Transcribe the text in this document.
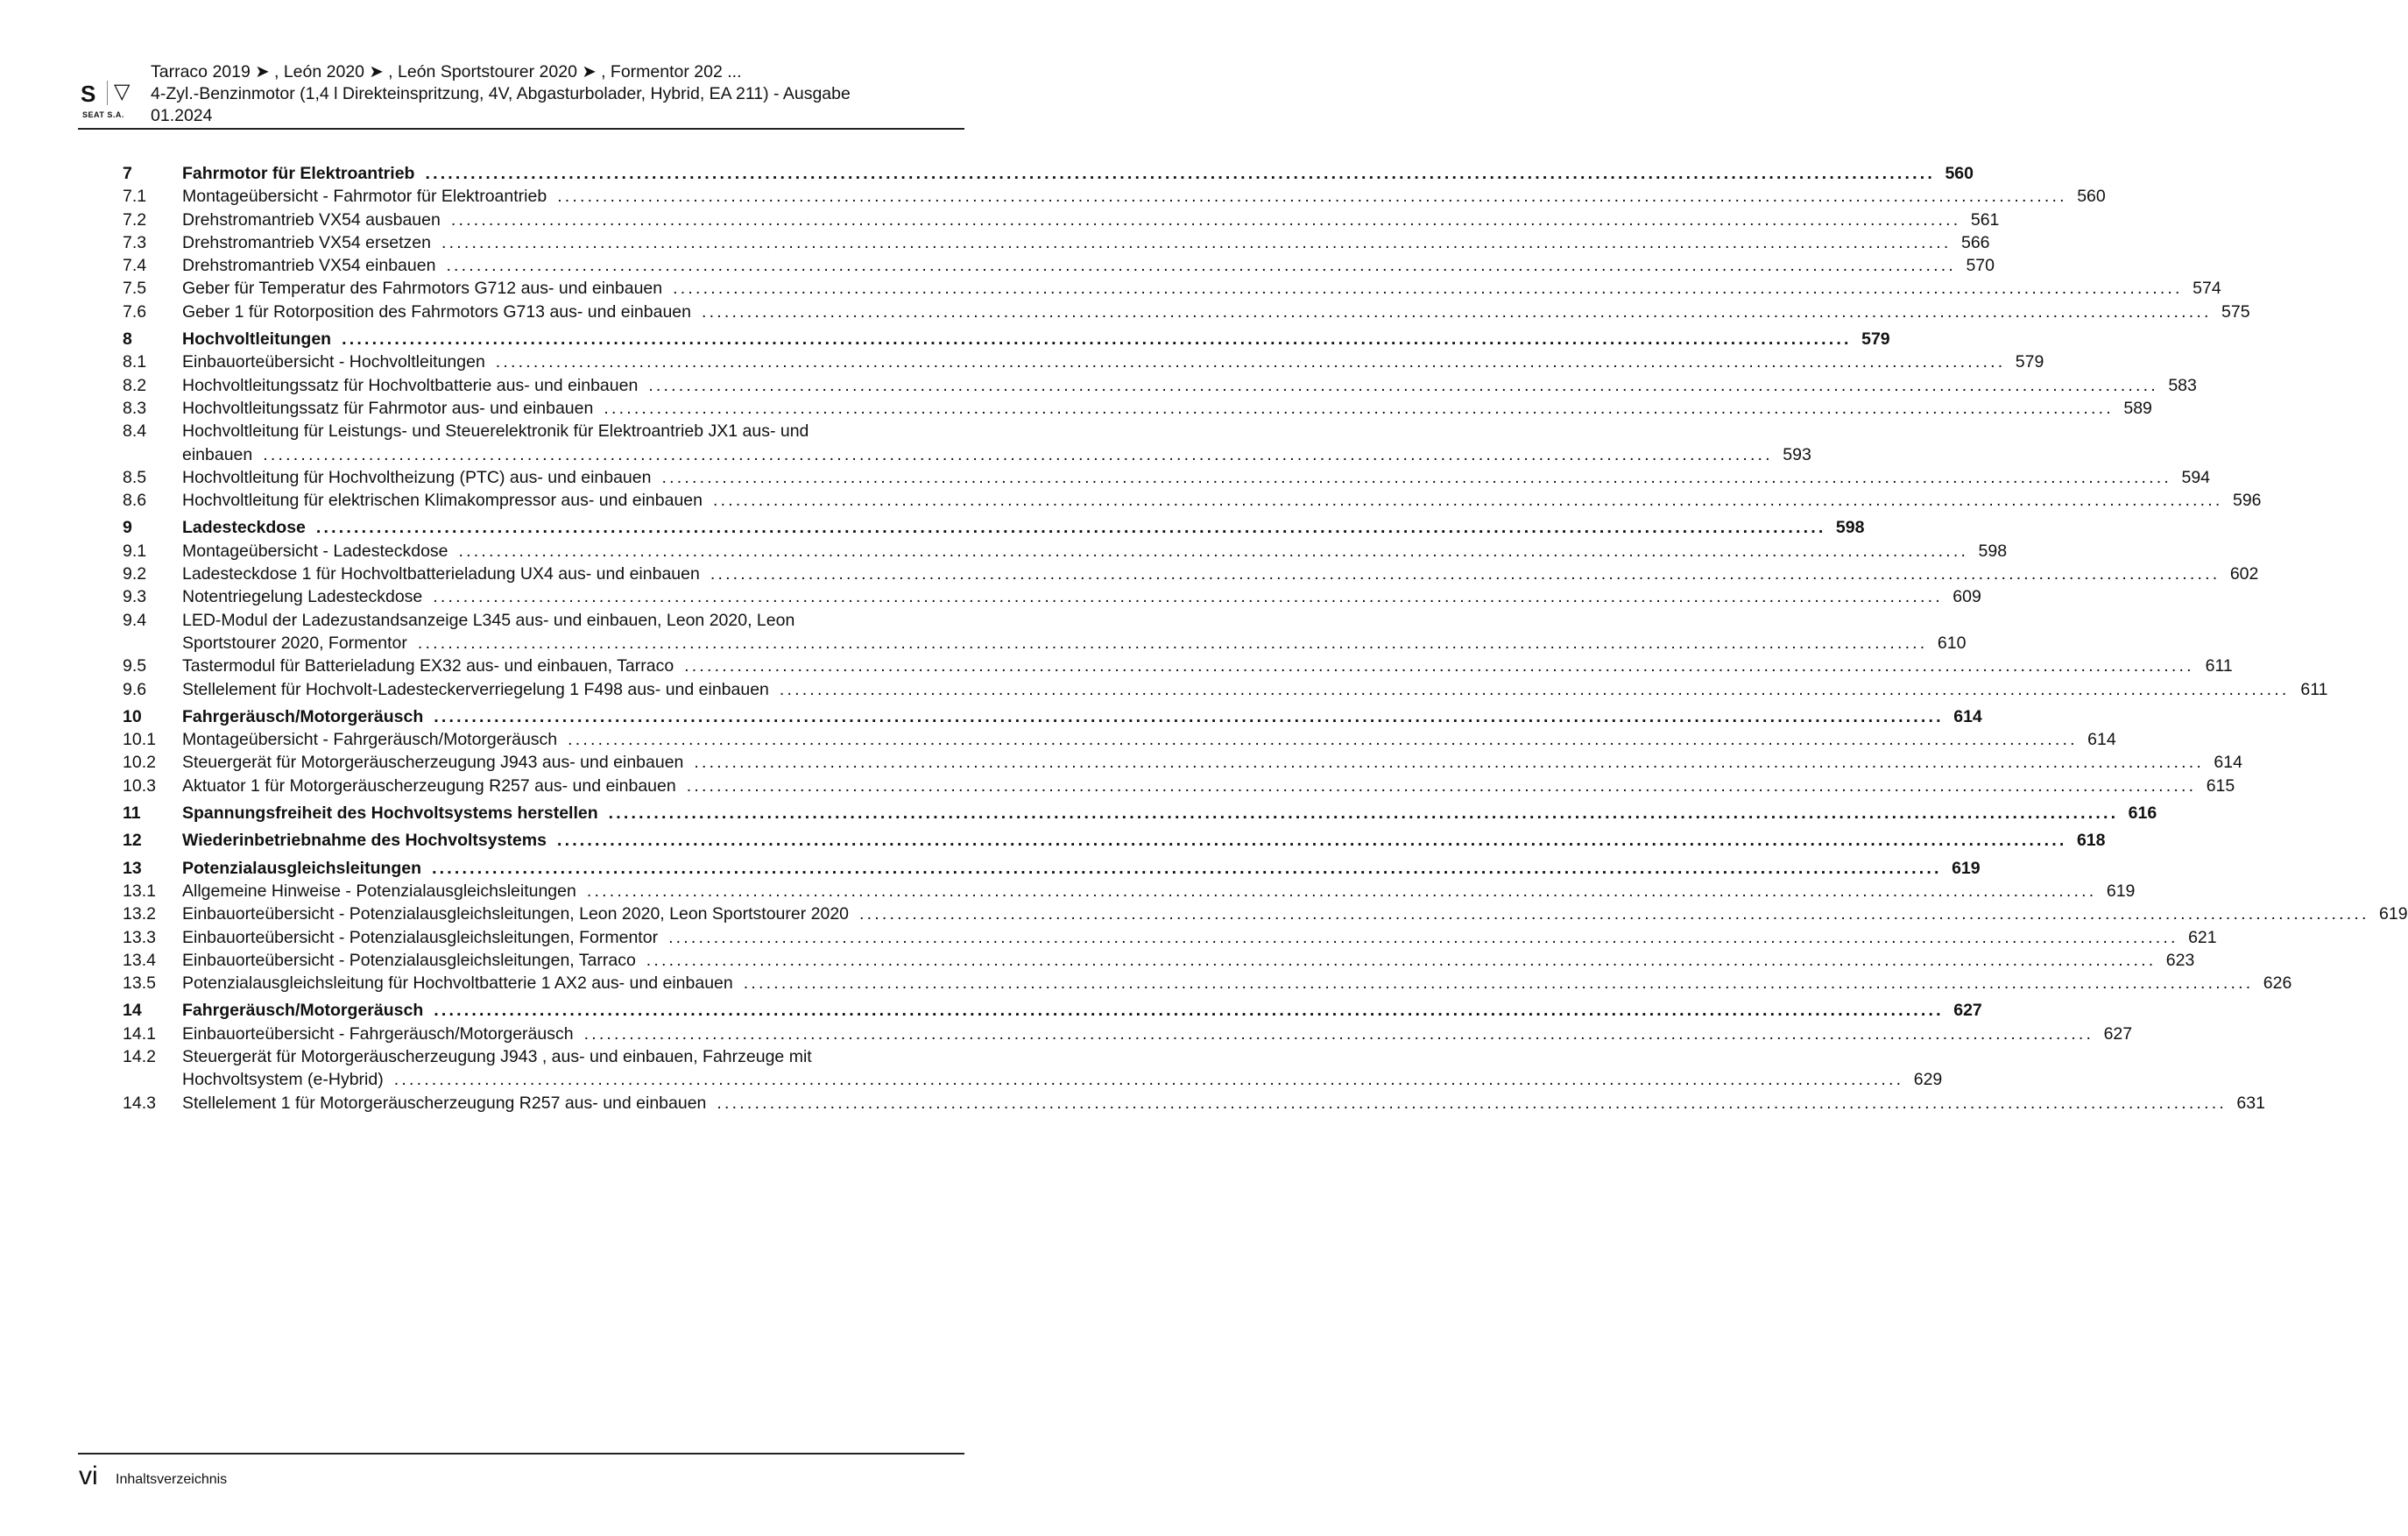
S ▽
SEAT S.A.
Tarraco 2019 ➤ , León 2020 ➤ , León Sportstourer 2020 ➤ , Formentor 202 ...
4-Zyl.-Benzinmotor (1,4 l Direkteinspritzung, 4V, Abgasturbolader, Hybrid, EA 211) - Ausgabe
01.2024
7	Fahrmotor für Elektroantrieb ........................................................................................................................................................................................................ 560
7.1	Montageübersicht - Fahrmotor für Elektroantrieb ........................................................................................................................................................................................................ 560
7.2	Drehstromantrieb VX54 ausbauen ........................................................................................................................................................................................................ 561
7.3	Drehstromantrieb VX54 ersetzen ........................................................................................................................................................................................................ 566
7.4	Drehstromantrieb VX54 einbauen ........................................................................................................................................................................................................ 570
7.5	Geber für Temperatur des Fahrmotors G712 aus- und einbauen ........................................................................................................................................................................................................ 574
7.6	Geber 1 für Rotorposition des Fahrmotors G713 aus- und einbauen ........................................................................................................................................................................................................ 575
8	Hochvoltleitungen ........................................................................................................................................................................................................ 579
8.1	Einbauorteübersicht - Hochvoltleitungen ........................................................................................................................................................................................................ 579
8.2	Hochvoltleitungssatz für Hochvoltbatterie aus- und einbauen ........................................................................................................................................................................................................ 583
8.3	Hochvoltleitungssatz für Fahrmotor aus- und einbauen ........................................................................................................................................................................................................ 589
8.4	Hochvoltleitung für Leistungs- und Steuerelektronik für Elektroantrieb JX1 aus- und
einbauen ........................................................................................................................................................................................................ 593
8.5	Hochvoltleitung für Hochvoltheizung (PTC) aus- und einbauen ........................................................................................................................................................................................................ 594
8.6	Hochvoltleitung für elektrischen Klimakompressor aus- und einbauen ........................................................................................................................................................................................................ 596
9	Ladesteckdose ........................................................................................................................................................................................................ 598
9.1	Montageübersicht - Ladesteckdose ........................................................................................................................................................................................................ 598
9.2	Ladesteckdose 1 für Hochvoltbatterieladung UX4 aus- und einbauen ........................................................................................................................................................................................................ 602
9.3	Notentriegelung Ladesteckdose ........................................................................................................................................................................................................ 609
9.4	LED-Modul der Ladezustandsanzeige L345 aus- und einbauen, Leon 2020, Leon
Sportstourer 2020, Formentor ........................................................................................................................................................................................................ 610
9.5	Tastermodul für Batterieladung EX32 aus- und einbauen, Tarraco ........................................................................................................................................................................................................ 611
9.6	Stellelement für Hochvolt-Ladesteckerverriegelung 1 F498 aus- und einbauen ........................................................................................................................................................................................................ 611
10	Fahrgeräusch/Motorgeräusch ........................................................................................................................................................................................................ 614
10.1	Montageübersicht - Fahrgeräusch/Motorgeräusch ........................................................................................................................................................................................................ 614
10.2	Steuergerät für Motorgeräuscherzeugung J943 aus- und einbauen ........................................................................................................................................................................................................ 614
10.3	Aktuator 1 für Motorgeräuscherzeugung R257 aus- und einbauen ........................................................................................................................................................................................................ 615
11	Spannungsfreiheit des Hochvoltsystems herstellen ........................................................................................................................................................................................................ 616
12	Wiederinbetriebnahme des Hochvoltsystems ........................................................................................................................................................................................................ 618
13	Potenzialausgleichsleitungen ........................................................................................................................................................................................................ 619
13.1	Allgemeine Hinweise - Potenzialausgleichsleitungen ........................................................................................................................................................................................................ 619
13.2	Einbauorteübersicht - Potenzialausgleichsleitungen, Leon 2020, Leon Sportstourer 2020 ........................................................................................................................................................................................................ 619
13.3	Einbauorteübersicht - Potenzialausgleichsleitungen, Formentor ........................................................................................................................................................................................................ 621
13.4	Einbauorteübersicht - Potenzialausgleichsleitungen, Tarraco ........................................................................................................................................................................................................ 623
13.5	Potenzialausgleichsleitung für Hochvoltbatterie 1 AX2 aus- und einbauen ........................................................................................................................................................................................................ 626
14	Fahrgeräusch/Motorgeräusch ........................................................................................................................................................................................................ 627
14.1	Einbauorteübersicht - Fahrgeräusch/Motorgeräusch ........................................................................................................................................................................................................ 627
14.2	Steuergerät für Motorgeräuscherzeugung J943 , aus- und einbauen, Fahrzeuge mit
Hochvoltsystem (e-Hybrid) ........................................................................................................................................................................................................ 629
14.3	Stellelement 1 für Motorgeräuscherzeugung R257 aus- und einbauen ........................................................................................................................................................................................................ 631
vi Inhaltsverzeichnis
